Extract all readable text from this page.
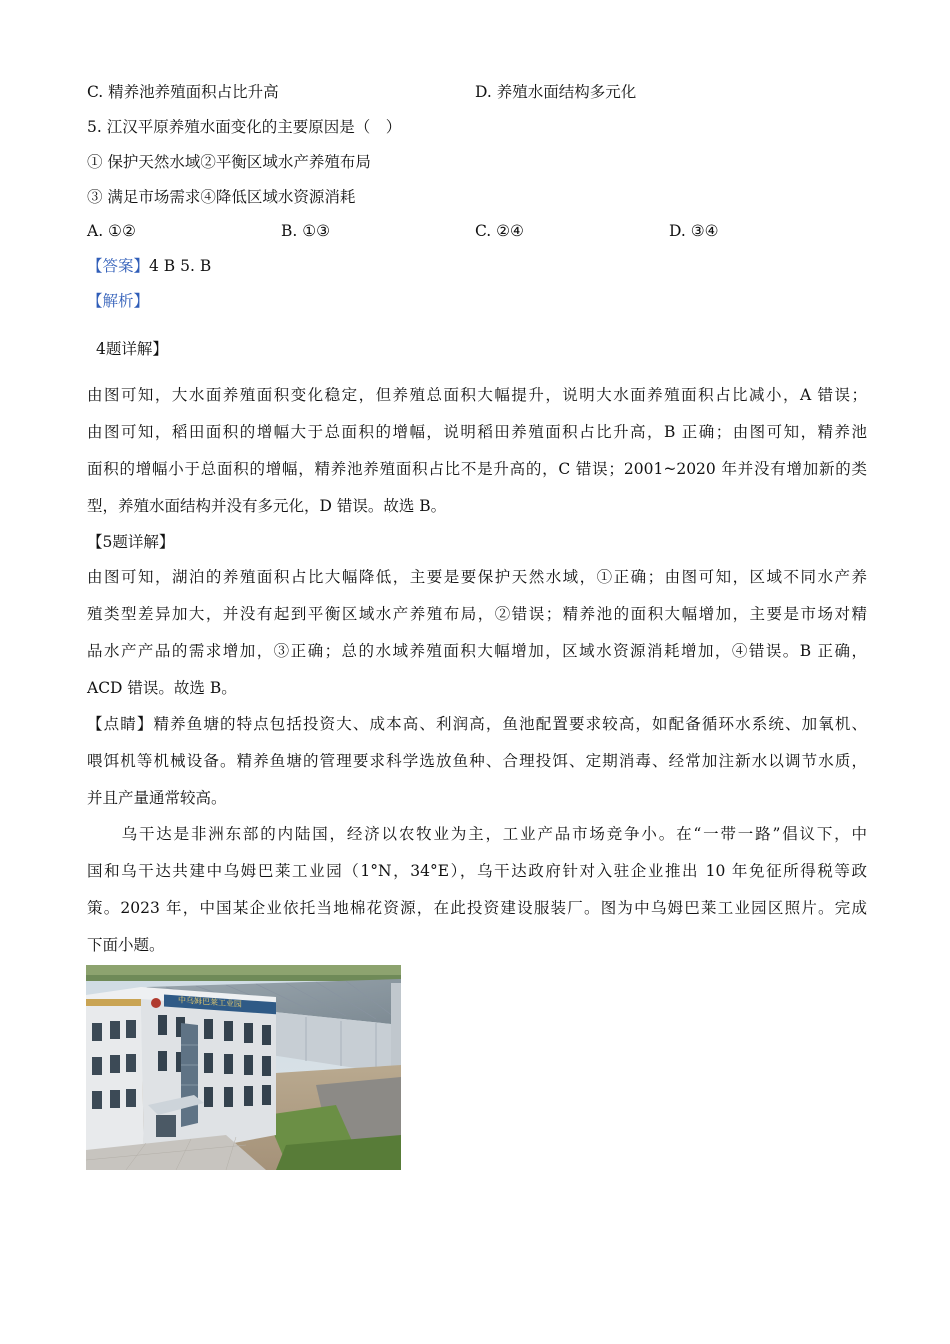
C. 精养池养殖面积占比升高	D. 养殖水面结构多元化
5. 江汉平原养殖水面变化的主要原因是（　）
① 保护天然水域②平衡区域水产养殖布局
③ 满足市场需求④降低区域水资源消耗
A. ①②	B. ①③	C. ②④	D. ③④
【答案】4 B 5. B
【解析】
4题详解】
由图可知，大水面养殖面积变化稳定，但养殖总面积大幅提升，说明大水面养殖面积占比减小，A 错误；
由图可知，稻田面积的增幅大于总面积的增幅，说明稻田养殖面积占比升高，B 正确；由图可知，精养池
面积的增幅小于总面积的增幅，精养池养殖面积占比不是升高的，C 错误；2001~2020 年并没有增加新的类
型，养殖水面结构并没有多元化，D 错误。故选 B。
【5题详解】
由图可知，湖泊的养殖面积占比大幅降低，主要是要保护天然水域，①正确；由图可知，区域不同水产养
殖类型差异加大，并没有起到平衡区域水产养殖布局，②错误；精养池的面积大幅增加，主要是市场对精
品水产产品的需求增加，③正确；总的水域养殖面积大幅增加，区域水资源消耗增加，④错误。B 正确，
ACD 错误。故选 B。
【点睛】精养鱼塘的特点包括投资大、成本高、利润高，鱼池配置要求较高，如配备循环水系统、加氧机、
喂饵机等机械设备。精养鱼塘的管理要求科学选放鱼种、合理投饵、定期消毒、经常加注新水以调节水质，
并且产量通常较高。
　　乌干达是非洲东部的内陆国，经济以农牧业为主，工业产品市场竞争小。在“一带一路”倡议下，中
国和乌干达共建中乌姆巴莱工业园（1°N，34°E），乌干达政府针对入驻企业推出 10 年免征所得税等政
策。2023 年，中国某企业依托当地棉花资源，在此投资建设服装厂。图为中乌姆巴莱工业园区照片。完成
下面小题。
中乌姆巴莱工业园
